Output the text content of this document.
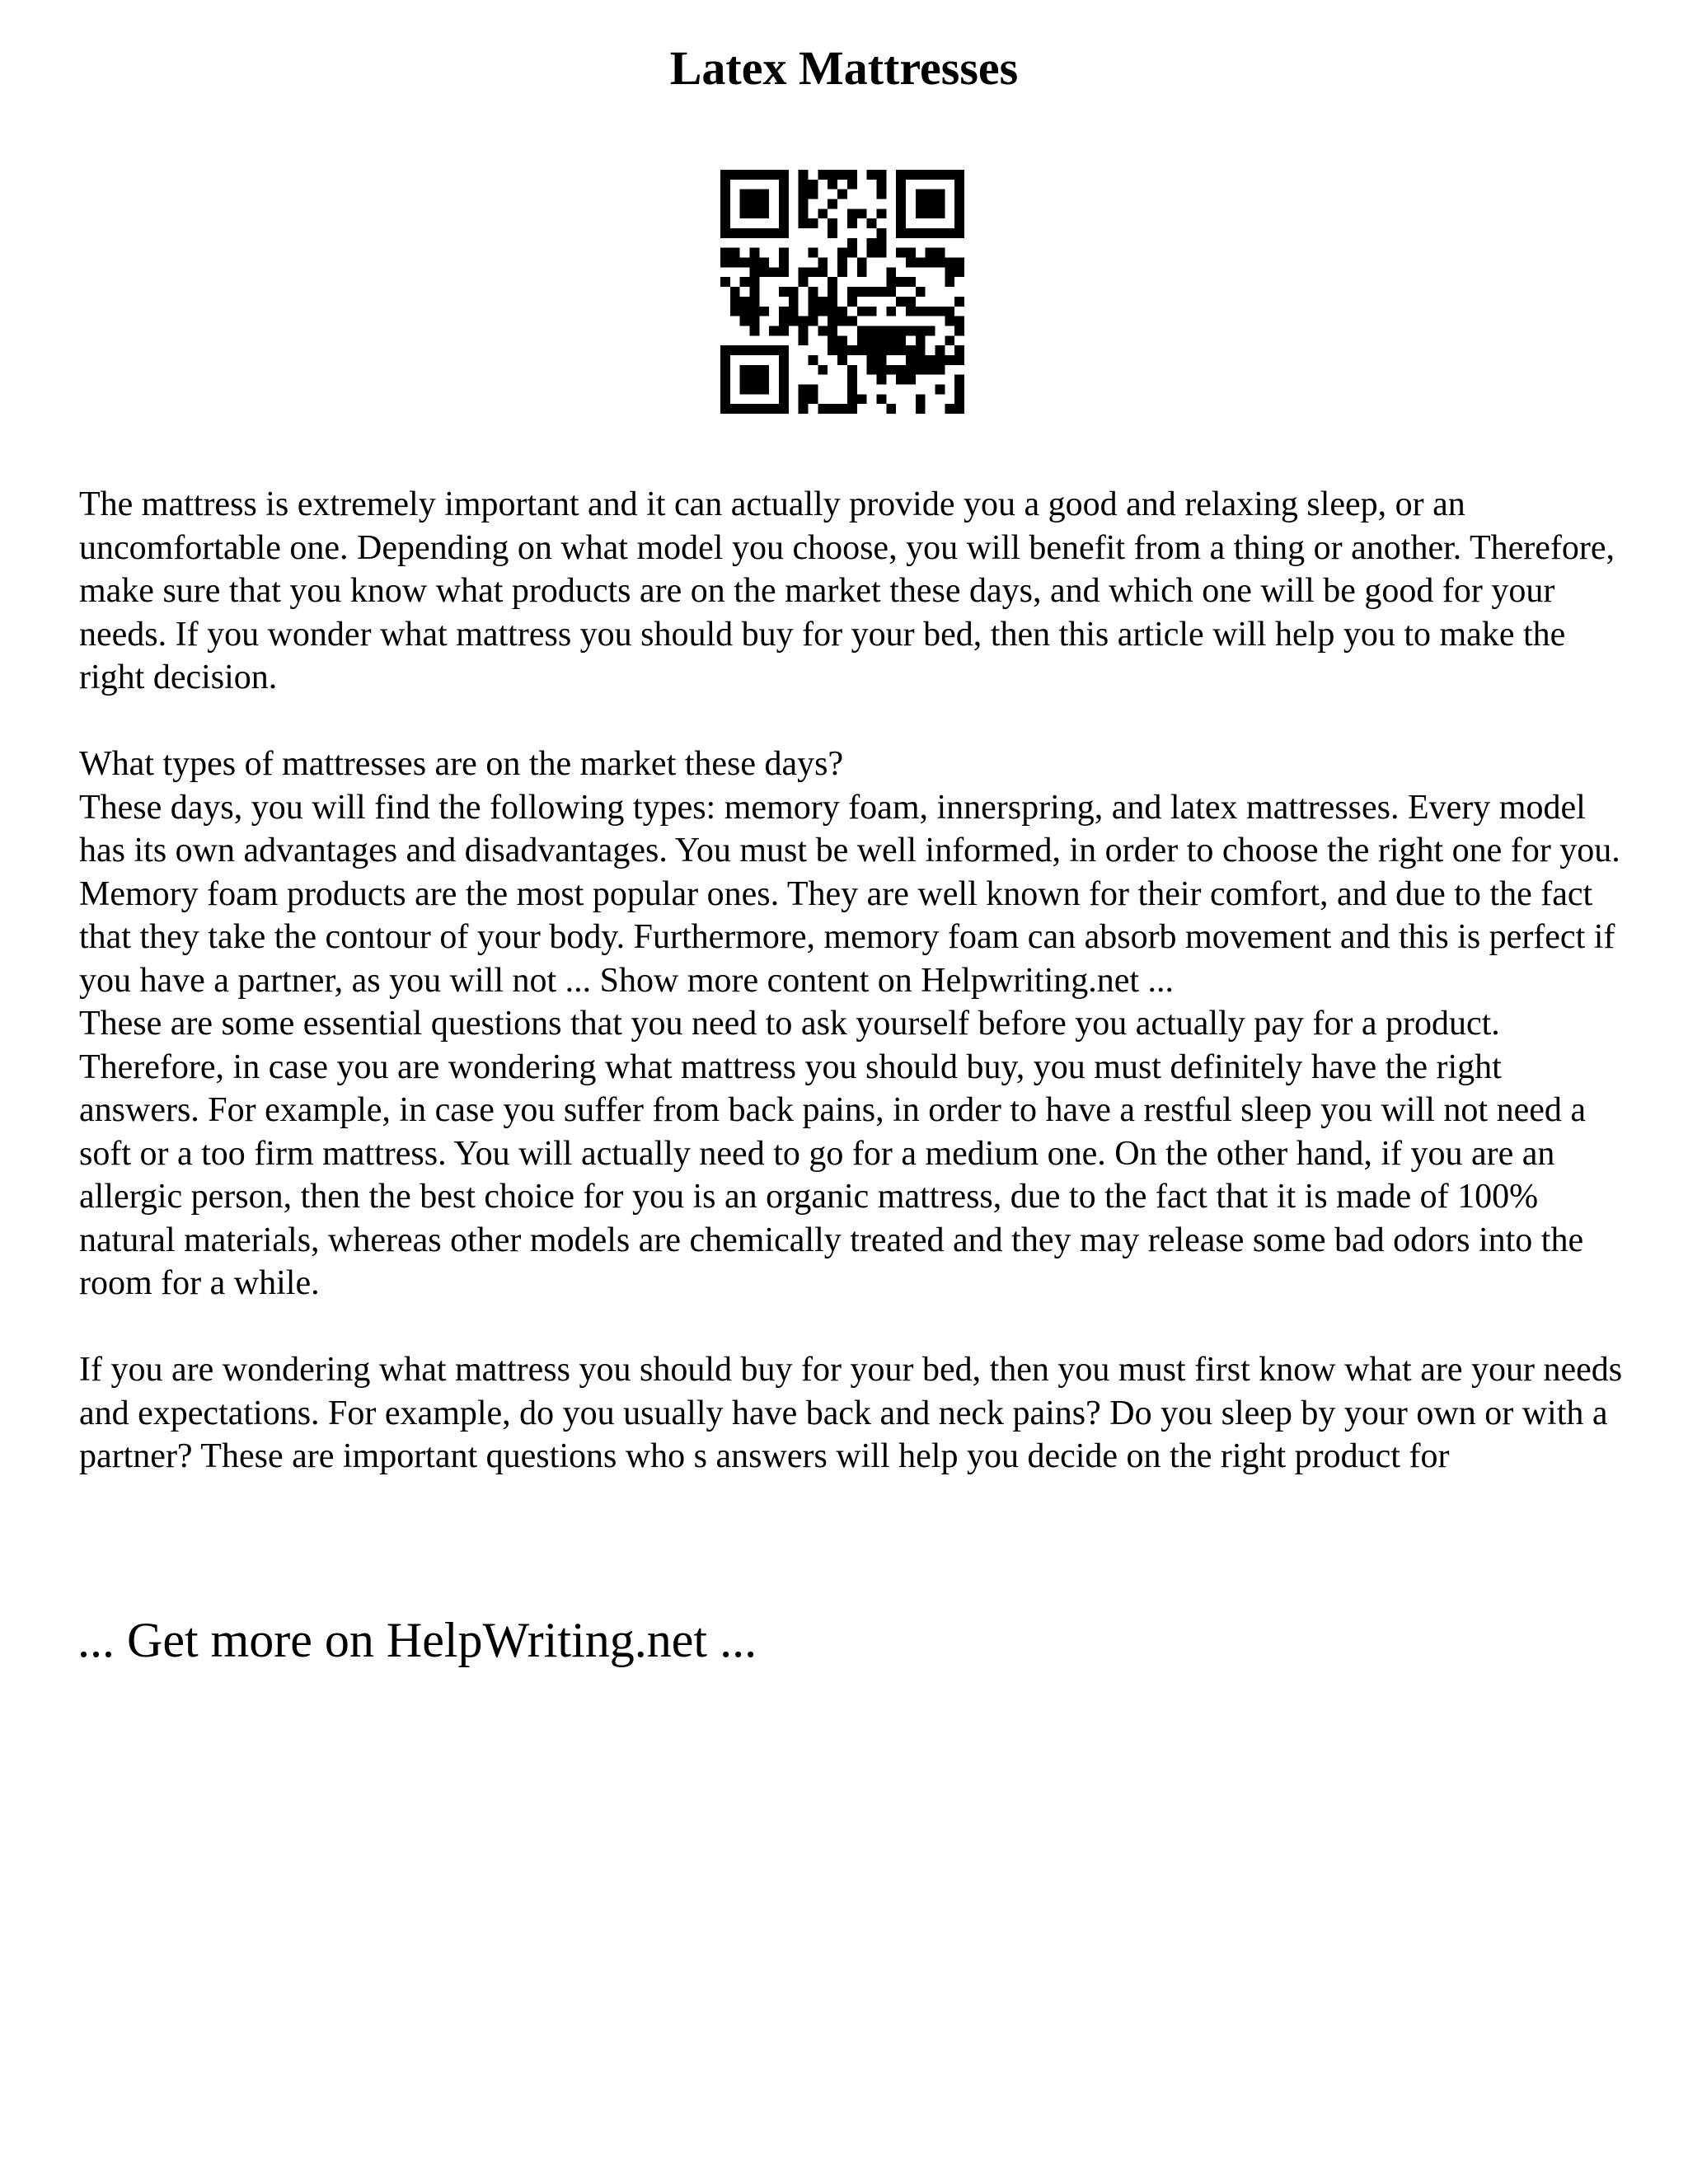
Latex Mattresses

The mattress is extremely important and it can actually provide you a good and relaxing sleep, or an uncomfortable one. Depending on what model you choose, you will benefit from a thing or another. Therefore, make sure that you know what products are on the market these days, and which one will be good for your needs. If you wonder what mattress you should buy for your bed, then this article will help you to make the right decision.

What types of mattresses are on the market these days?

These days, you will find the following types: memory foam, innerspring, and latex mattresses. Every model has its own advantages and disadvantages. You must be well informed, in order to choose the right one for you. Memory foam products are the most popular ones. They are well known for their comfort, and due to the fact that they take the contour of your body. Furthermore, memory foam can absorb movement and this is perfect if you have a partner, as you will not ... Show more content on Helpwriting.net ...

These are some essential questions that you need to ask yourself before you actually pay for a product. Therefore, in case you are wondering what mattress you should buy, you must definitely have the right answers. For example, in case you suffer from back pains, in order to have a restful sleep you will not need a soft or a too firm mattress. You will actually need to go for a medium one. On the other hand, if you are an allergic person, then the best choice for you is an organic mattress, due to the fact that it is made of 100% natural materials, whereas other models are chemically treated and they may release some bad odors into the room for a while.

If you are wondering what mattress you should buy for your bed, then you must first know what are your needs and expectations. For example, do you usually have back and neck pains? Do you sleep by your own or with a partner? These are important questions who s answers will help you decide on the right product for

... Get more on HelpWriting.net ...
